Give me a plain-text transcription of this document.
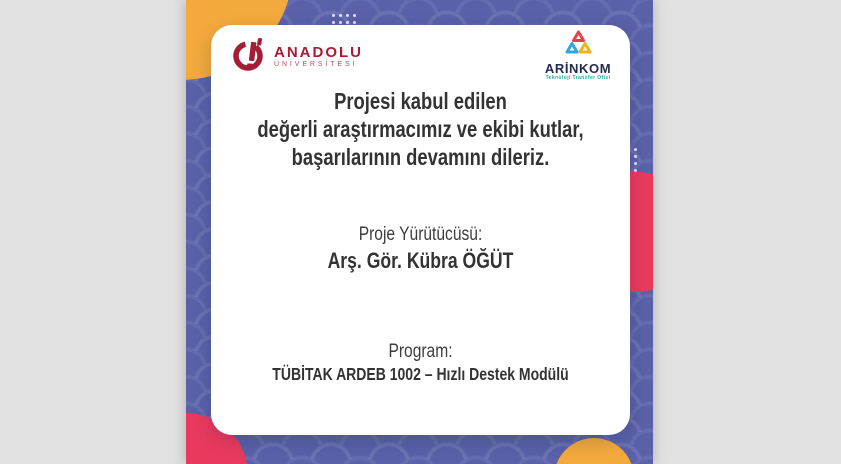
ANADOLU
ÜNİVERSİTESİ	ARİNKOM
Teknoloji Transfer Ofisi
Projesi kabul edilen
değerli araştırmacımız ve ekibi kutlar,
başarılarının devamını dileriz.
Proje Yürütücüsü:
Arş. Gör. Kübra ÖĞÜT
Program:
TÜBİTAK ARDEB 1002 – Hızlı Destek Modülü
